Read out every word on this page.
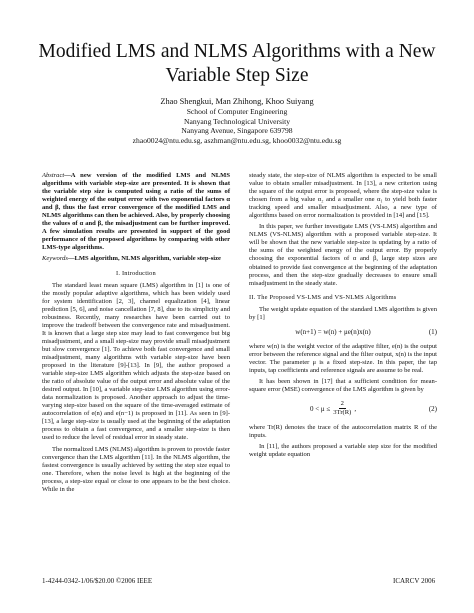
Modified LMS and NLMS Algorithms with a New
Variable Step Size
Zhao Shengkui, Man Zhihong, Khoo Suiyang
School of Computer Engineering
Nanyang Technological University
Nanyang Avenue, Singapore 639798
zhao0024@ntu.edu.sg, aszhman@ntu.edu.sg, khoo0032@ntu.edu.sg

Abstract—A new version of the modified LMS and NLMS algorithms with variable step-size are presented. It is shown that the variable step size is computed using a ratio of the sums of weighted energy of the output error with two exponential factors α and β, thus the fast error convergence of the modified LMS and NLMS algorithms can then be achieved. Also, by properly choosing the values of α and β, the misadjustment can be further improved. A few simulation results are presented in support of the good performance of the proposed algorithms by comparing with other LMS-type algorithms.

Keywords—LMS algorithm, NLMS algorithm, variable step-size

I. Introduction

The standard least mean square (LMS) algorithm in [1] is one of the mostly popular adaptive algorithms, which has been widely used for system identification [2, 3], channel equalization [4], linear prediction [5, 6], and noise cancellation [7, 8], due to its simplicity and robustness. Recently, many researches have been carried out to improve the tradeoff between the convergence rate and misadjustment. It is known that a large step size may lead to fast convergence but big misadjustment, and a small step-size may provide small misadjustment but slow convergence [1]. To achieve both fast convergence and small misadjustment, many algorithms with variable step-size have been proposed in the literature [9]-[13]. In [9], the author proposed a variable step-size LMS algorithm which adjusts the step-size based on the ratio of absolute value of the output error and absolute value of the desired output. In [10], a variable step-size LMS algorithm using error-data normalization is proposed. Another approach to adjust the time-varying step-size based on the square of the time-averaged estimate of autocorrelation of e(n) and e(n−1) is proposed in [11]. As seen in [9]-[13], a large step-size is usually used at the beginning of the adaptation process to obtain a fast convergence, and a smaller step-size is then used to reduce the level of residual error in steady state.

The normalized LMS (NLMS) algorithm is proven to provide faster convergence than the LMS algorithm [11]. In the NLMS algorithm, the fastest convergence is usually achieved by setting the step size equal to one. Therefore, when the noise level is high at the beginning of the process, a step-size equal or close to one appears to be the best choice. While in the

steady state, the step-size of NLMS algorithm is expected to be small value to obtain smaller misadjustment. In [13], a new criterion using the square of the output error is proposed, where the step-size value is chosen from a big value α₂ and a smaller one α₁ to yield both faster tracking speed and smaller misadjustment. Also, a new type of algorithms based on error normalization is provided in [14] and [15].

In this paper, we further investigate LMS (VS-LMS) algorithm and NLMS (VS-NLMS) algorithm with a proposed variable step-size. It will be shown that the new variable step-size is updating by a ratio of the sums of the weighted energy of the output error. By properly choosing the exponential factors of α and β, large step sizes are obtained to provide fast convergence at the beginning of the adaptation process, and then the step-size gradually decreases to ensure small misadjustment in the steady state.

II. The Proposed VS-LMS and VS-NLMS Algorithms

The weight update equation of the standard LMS algorithm is given by [1]

w(n+1) = w(n) + μe(n)x(n)	(1)

where w(n) is the weight vector of the adaptive filter, e(n) is the output error between the reference signal and the filter output, x(n) is the input vector. The parameter μ is a fixed step-size. In this paper, the tap inputs, tap coefficients and reference signals are assume to be real.

It has been shown in [17] that a sufficient condition for mean-square error (MSE) convergence of the LMS algorithm is given by

$0 < \mu \le \frac{2}{3Tr(R)}$ ,	(2)

where Tr(R) denotes the trace of the autocorrelation matrix R of the inputs.

In [11], the authors proposed a variable step size for the modified weight update equation

1-4244-0342-1/06/$20.00 ©2006 IEEE	ICARCV 2006
